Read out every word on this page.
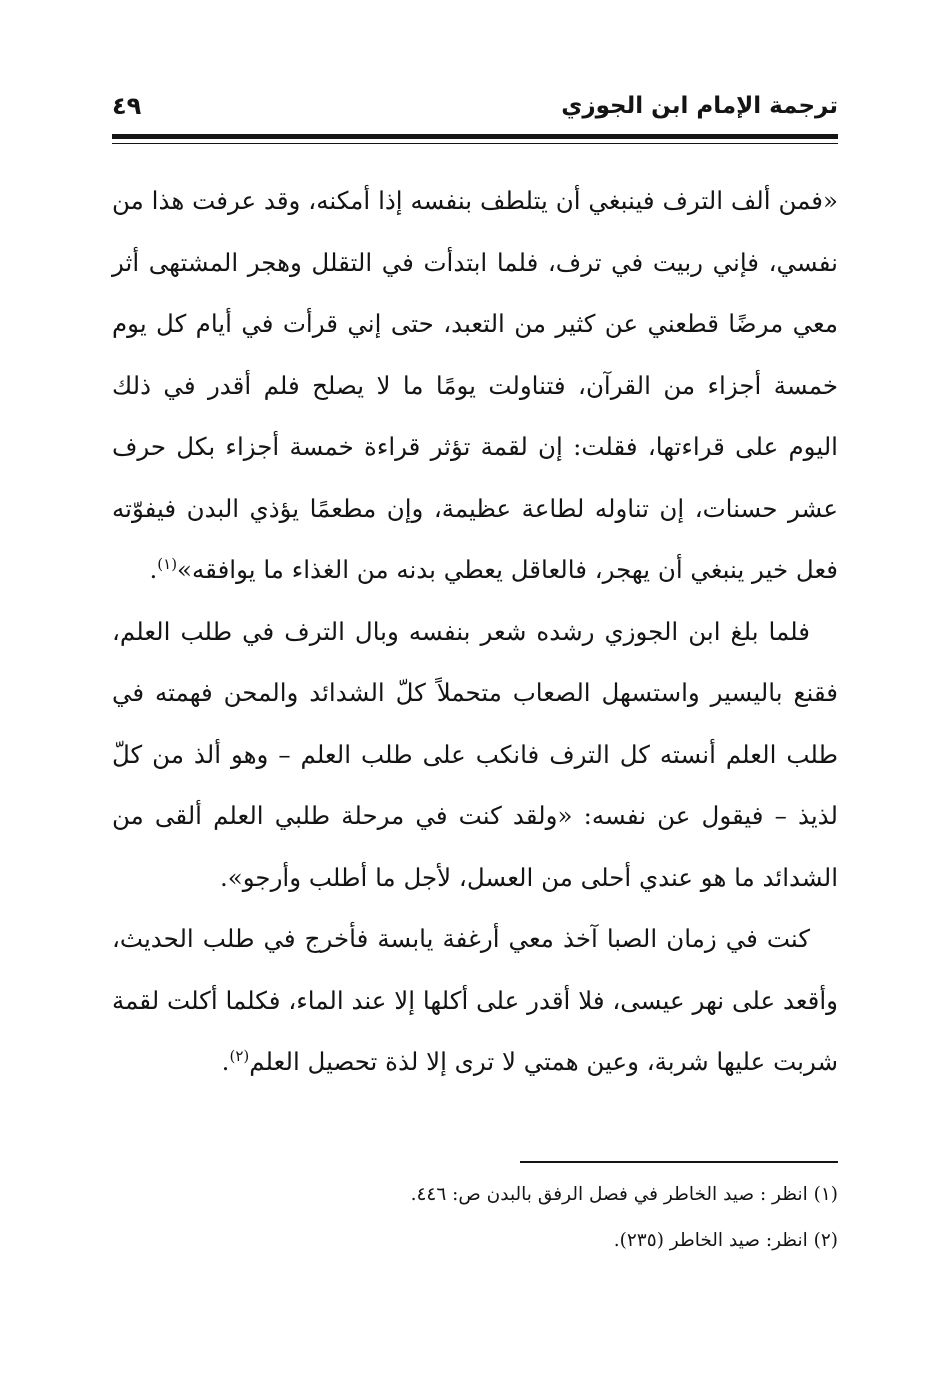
ترجمة الإمام ابن الجوزي
٤٩

«فمن ألف الترف فينبغي أن يتلطف بنفسه إذا أمكنه، وقد عرفت هذا من نفسي، فإني ربيت في ترف، فلما ابتدأت في التقلل وهجر المشتهى أثر معي مرضًا قطعني عن كثير من التعبد، حتى إني قرأت في أيام كل يوم خمسة أجزاء من القرآن، فتناولت يومًا ما لا يصلح فلم أقدر في ذلك اليوم على قراءتها، فقلت: إن لقمة تؤثر قراءة خمسة أجزاء بكل حرف عشر حسنات، إن تناوله لطاعة عظيمة، وإن مطعمًا يؤذي البدن فيفوّته فعل خير ينبغي أن يهجر، فالعاقل يعطي بدنه من الغذاء ما يوافقه»$^{(١)}$.

فلما بلغ ابن الجوزي رشده شعر بنفسه وبال الترف في طلب العلم، فقنع باليسير واستسهل الصعاب متحملاً كلّ الشدائد والمحن فهمته في طلب العلم أنسته كل الترف فانكب على طلب العلم – وهو ألذ من كلّ لذيذ – فيقول عن نفسه: «ولقد كنت في مرحلة طلبي العلم ألقى من الشدائد ما هو عندي أحلى من العسل، لأجل ما أطلب وأرجو».

كنت في زمان الصبا آخذ معي أرغفة يابسة فأخرج في طلب الحديث، وأقعد على نهر عيسى، فلا أقدر على أكلها إلا عند الماء، فكلما أكلت لقمة شربت عليها شربة، وعين همتي لا ترى إلا لذة تحصيل العلم$^{(٢)}$.

(١) انظر : صيد الخاطر في فصل الرفق بالبدن ص: ٤٤٦.

(٢) انظر: صيد الخاطر (٢٣٥).
